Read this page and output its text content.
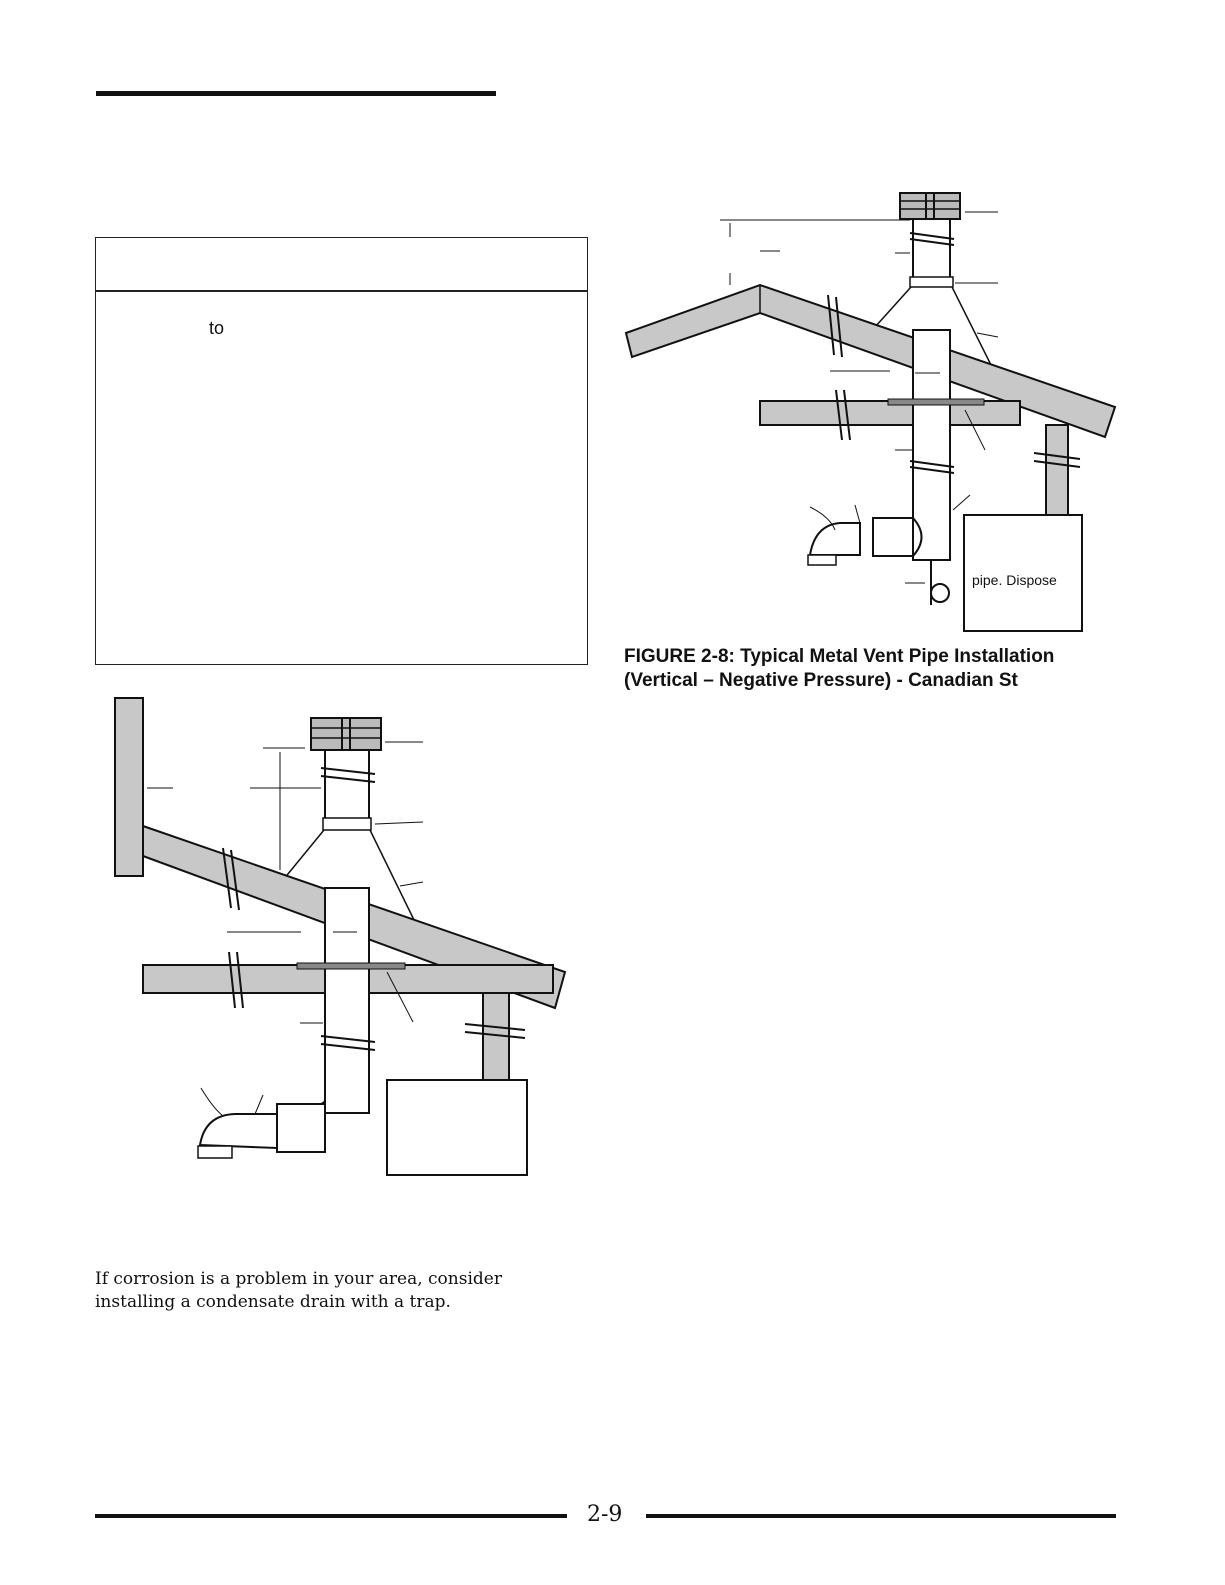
to
pipe. Dispose
FIGURE 2-8: Typical Metal Vent Pipe Installation
(Vertical – Negative Pressure) - Canadian St
If corrosion is a problem in your area, consider
installing a condensate drain with a trap.
2-9
